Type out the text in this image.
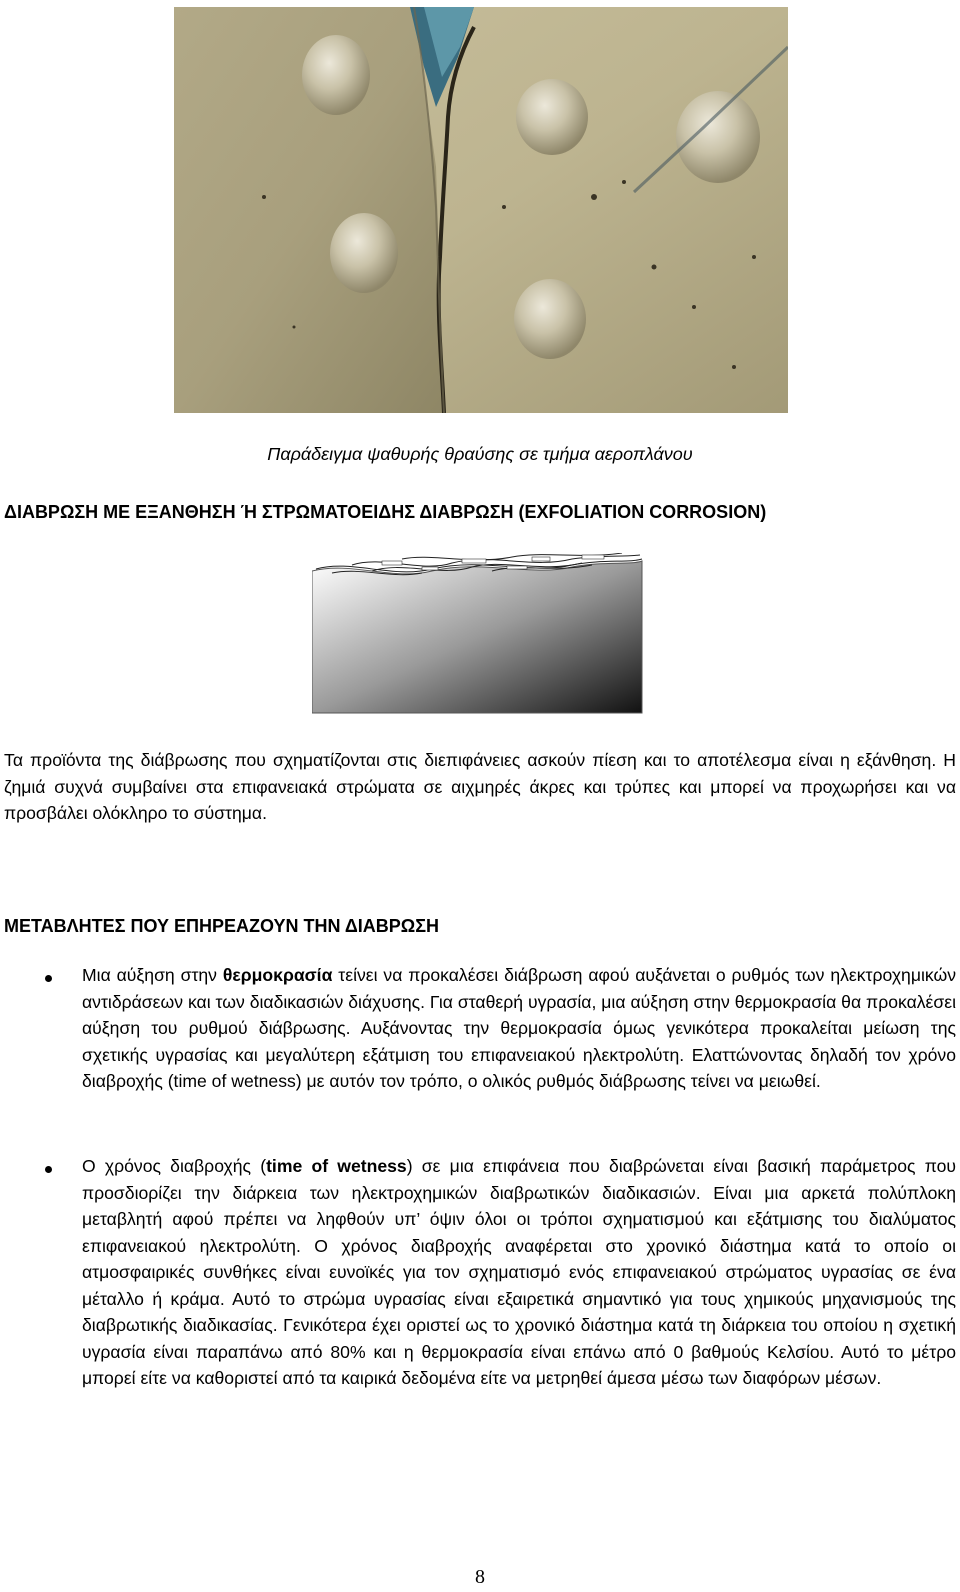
Παράδειγμα ψαθυρής θραύσης σε τμήμα αεροπλάνου
ΔΙΑΒΡΩΣΗ ΜΕ ΕΞΑΝΘΗΣΗ Ή ΣΤΡΩΜΑΤΟΕΙΔΗΣ ΔΙΑΒΡΩΣΗ (EXFOLIATION CORROSION)
Τα προϊόντα της διάβρωσης που σχηματίζονται στις διεπιφάνειες ασκούν πίεση και το αποτέλεσμα είναι η εξάνθηση. Η ζημιά συχνά συμβαίνει στα επιφανειακά στρώματα σε αιχμηρές άκρες και τρύπες και μπορεί να προχωρήσει και να προσβάλει ολόκληρο το σύστημα.
ΜΕΤΑΒΛΗΤΕΣ ΠΟΥ ΕΠΗΡΕΑΖΟΥΝ ΤΗΝ ΔΙΑΒΡΩΣΗ
Μια αύξηση στην θερμοκρασία τείνει να προκαλέσει διάβρωση αφού αυξάνεται ο ρυθμός των ηλεκτροχημικών αντιδράσεων και των διαδικασιών διάχυσης. Για σταθερή υγρασία, μια αύξηση στην θερμοκρασία θα προκαλέσει αύξηση του ρυθμού διάβρωσης. Αυξάνοντας την θερμοκρασία όμως γενικότερα προκαλείται μείωση της σχετικής υγρασίας και μεγαλύτερη εξάτμιση του επιφανειακού ηλεκτρολύτη. Ελαττώνοντας δηλαδή τον χρόνο διαβροχής (time of wetness) με αυτόν τον τρόπο, ο ολικός ρυθμός διάβρωσης τείνει να μειωθεί.
Ο χρόνος διαβροχής (time of wetness) σε μια επιφάνεια που διαβρώνεται είναι βασική παράμετρος που προσδιορίζει την διάρκεια των ηλεκτροχημικών διαβρωτικών διαδικασιών. Είναι μια αρκετά πολύπλοκη μεταβλητή αφού πρέπει να ληφθούν υπ’ όψιν όλοι οι τρόποι σχηματισμού και εξάτμισης του διαλύματος επιφανειακού ηλεκτρολύτη. Ο χρόνος διαβροχής αναφέρεται στο χρονικό διάστημα κατά το οποίο οι ατμοσφαιρικές συνθήκες είναι ευνοϊκές για τον σχηματισμό ενός επιφανειακού στρώματος υγρασίας σε ένα μέταλλο ή κράμα. Αυτό το στρώμα υγρασίας είναι εξαιρετικά σημαντικό για τους χημικούς μηχανισμούς της διαβρωτικής διαδικασίας. Γενικότερα έχει οριστεί ως το χρονικό διάστημα κατά τη διάρκεια του οποίου η σχετική υγρασία είναι παραπάνω από 80% και η θερμοκρασία είναι επάνω από 0 βαθμούς Κελσίου. Αυτό το μέτρο μπορεί είτε να καθοριστεί από τα καιρικά δεδομένα είτε να μετρηθεί άμεσα μέσω των διαφόρων μέσων.
8
